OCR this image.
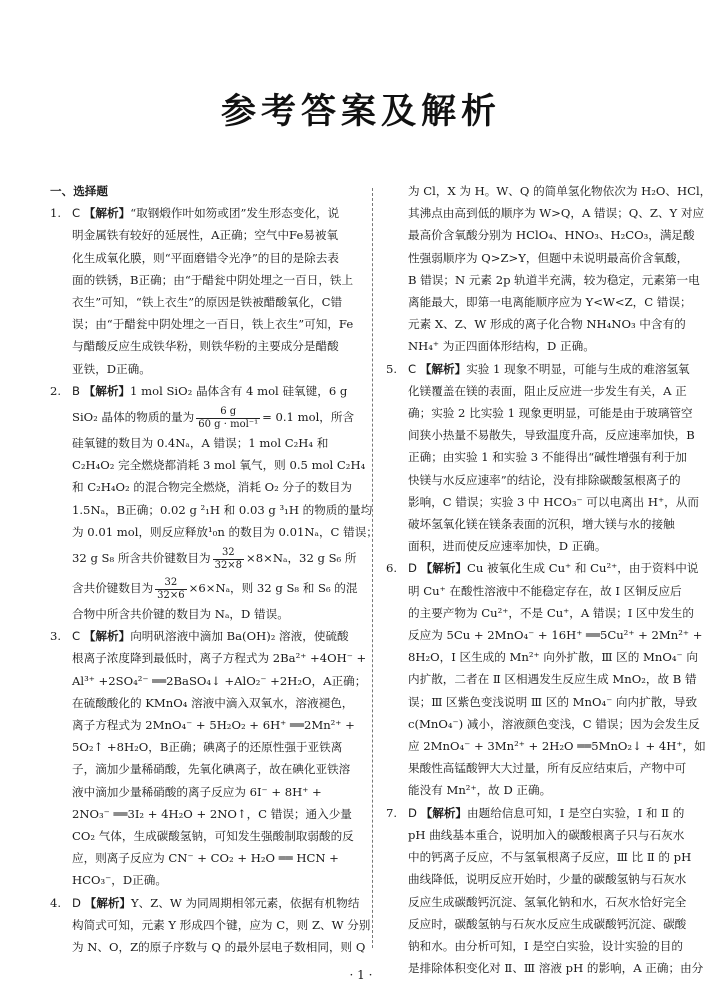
参考答案及解析
一、选择题
1. C 【解析】“取钢煅作叶如笏或团”发生形态变化，说
明金属铁有较好的延展性，A正确；空气中Fe易被氧
化生成氧化膜，则“平面磨错令光净”的目的是除去表
面的铁锈，B正确；由“于醋瓮中阴处埋之一百日，铁上
衣生”可知，“铁上衣生”的原因是铁被醋酸氧化，C错
误；由“于醋瓮中阴处埋之一百日，铁上衣生”可知，Fe
与醋酸反应生成铁华粉，则铁华粉的主要成分是醋酸
亚铁，D正确。
2. B 【解析】1 mol SiO₂ 晶体含有 4 mol 硅氧键，6 g
SiO₂ 晶体的物质的量为 $\frac{6 g}{\text{60 g · mol⁻¹}} = 0.1$ mol，所含
硅氧键的数目为 0.4Nₐ，A 错误；1 mol C₂H₄ 和
C₂H₄O₂ 完全燃烧都消耗 3 mol 氧气，则 0.5 mol C₂H₄
和 C₂H₄O₂ 的混合物完全燃烧，消耗 O₂ 分子的数目为
1.5Nₐ，B正确；0.02 g ²₁H 和 0.03 g ³₁H 的物质的量均
为 0.01 mol，则反应释放¹₀n 的数目为 0.01Nₐ，C 错误；
32 g S₈ 所含共价键数目为 $\frac{32}{32\times 8} \times 8\times N_a$，32 g S₆ 所
含共价键数目为 $\frac{32}{32\times 6} \times 6\times N_a$，则 32 g S₈ 和 S₆ 的混
合物中所含共价键的数目为 Nₐ，D 错误。
3. C 【解析】向明矾溶液中滴加 Ba(OH)₂ 溶液，使硫酸
根离子浓度降到最低时，离子方程式为 2Ba²⁺ +4OH⁻ +
Al³⁺ +2SO₄²⁻ ══2BaSO₄↓ +AlO₂⁻ +2H₂O，A正确；
在硫酸酸化的 KMnO₄ 溶液中滴入双氧水，溶液褪色，
离子方程式为 2MnO₄⁻ + 5H₂O₂ + 6H⁺ ══2Mn²⁺ +
5O₂↑ +8H₂O，B正确；碘离子的还原性强于亚铁离
子，滴加少量稀硝酸，先氧化碘离子，故在碘化亚铁溶
液中滴加少量稀硝酸的离子反应为 6I⁻ + 8H⁺ +
2NO₃⁻ ══3I₂ + 4H₂O + 2NO↑，C 错误；通入少量
CO₂ 气体，生成碳酸氢钠，可知发生强酸制取弱酸的反
应，则离子反应为 CN⁻ + CO₂ + H₂O ══ HCN +
HCO₃⁻，D正确。
4. D 【解析】Y、Z、W 为同周期相邻元素，依据有机物结
构简式可知，元素 Y 形成四个键，应为 C，则 Z、W 分别
为 N、O，Z的原子序数与 Q 的最外层电子数相同，则 Q
为 Cl，X 为 H。W、Q 的简单氢化物依次为 H₂O、HCl，
其沸点由高到低的顺序为 W>Q，A 错误；Q、Z、Y 对应
最高价含氧酸分别为 HClO₄、HNO₃、H₂CO₃，满足酸
性强弱顺序为 Q>Z>Y，但题中未说明最高价含氧酸，
B 错误；N 元素 2p 轨道半充满，较为稳定，元素第一电
离能最大，即第一电离能顺序应为 Y<W<Z，C 错误；
元素 X、Z、W 形成的离子化合物 NH₄NO₃ 中含有的
NH₄⁺ 为正四面体形结构，D 正确。
5. C 【解析】实验 1 现象不明显，可能与生成的难溶氢氧
化镁覆盖在镁的表面，阻止反应进一步发生有关，A 正
确；实验 2 比实验 1 现象更明显，可能是由于玻璃管空
间狭小热量不易散失，导致温度升高，反应速率加快，B
正确；由实验 1 和实验 3 不能得出“碱性增强有利于加
快镁与水反应速率”的结论，没有排除碳酸氢根离子的
影响，C 错误；实验 3 中 HCO₃⁻ 可以电离出 H⁺，从而
破坏氢氧化镁在镁条表面的沉积，增大镁与水的接触
面积，进而使反应速率加快，D 正确。
6. D 【解析】Cu 被氧化生成 Cu⁺ 和 Cu²⁺，由于资料中说
明 Cu⁺ 在酸性溶液中不能稳定存在，故 Ⅰ 区铜反应后
的主要产物为 Cu²⁺，不是 Cu⁺，A 错误；Ⅰ 区中发生的
反应为 5Cu + 2MnO₄⁻ + 16H⁺ ══5Cu²⁺ + 2Mn²⁺ +
8H₂O，Ⅰ 区生成的 Mn²⁺ 向外扩散，Ⅲ 区的 MnO₄⁻ 向
内扩散，二者在 Ⅱ 区相遇发生反应生成 MnO₂，故 B 错
误；Ⅲ 区紫色变浅说明 Ⅲ 区的 MnO₄⁻ 向内扩散，导致
c(MnO₄⁻) 减小，溶液颜色变浅，C 错误；因为会发生反
应 2MnO₄⁻ + 3Mn²⁺ + 2H₂O ══5MnO₂↓ + 4H⁺，如
果酸性高锰酸钾大大过量，所有反应结束后，产物中可
能没有 Mn²⁺，故 D 正确。
7. D 【解析】由题给信息可知，Ⅰ 是空白实验，Ⅰ 和 Ⅱ 的
pH 曲线基本重合，说明加入的碳酸根离子只与石灰水
中的钙离子反应，不与氢氧根离子反应，Ⅲ 比 Ⅱ 的 pH
曲线降低，说明反应开始时，少量的碳酸氢钠与石灰水
反应生成碳酸钙沉淀、氢氧化钠和水，石灰水恰好完全
反应时，碳酸氢钠与石灰水反应生成碳酸钙沉淀、碳酸
钠和水。由分析可知，Ⅰ 是空白实验，设计实验的目的
是排除体积变化对 Ⅱ、Ⅲ 溶液 pH 的影响，A 正确；由分
· 1 ·
